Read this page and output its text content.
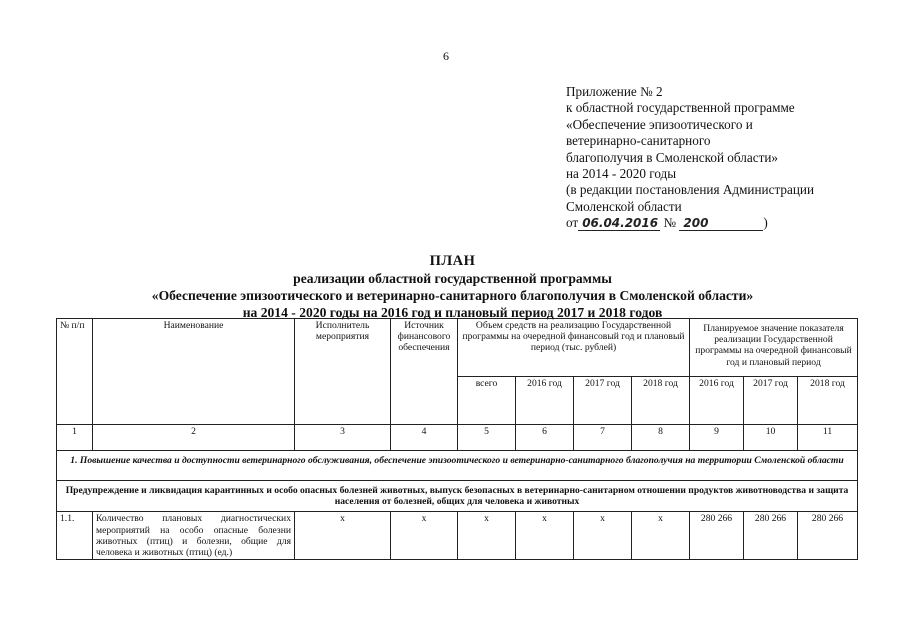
6
Приложение № 2
к областной государственной программе
«Обеспечение эпизоотического и
ветеринарно-санитарного
благополучия в Смоленской области»
на 2014 - 2020 годы
(в редакции постановления Администрации
Смоленской области
от 06.04.2016 № 200	)
ПЛАН
реализации областной государственной программы
«Обеспечение эпизоотического и ветеринарно-санитарного благополучия в Смоленской области»
на 2014 - 2020 годы на 2016 год и плановый период 2017 и 2018 годов
№ п/п	Наименование	Исполнитель мероприятия	Источник финансового обеспечения	Объем средств на реализацию Государственной программы на очередной финансовый год и плановый период (тыс. рублей)				Планируемое значение показателя реализации Государственной программы на очередной финансовый год и плановый период		
				всего	2016 год	2017 год	2018 год	2016 год	2017 год	2018 год
1	2	3	4	5	6	7	8	9	10	11
1. Повышение качества и доступности ветеринарного обслуживания, обеспечение эпизоотического и ветеринарно-санитарного благополучия на территории Смоленской области										
Предупреждение и ликвидация карантинных и особо опасных болезней животных, выпуск безопасных в ветеринарно-санитарном отношении продуктов животноводства и защита населения от болезней, общих для человека и животных										
1.1.	Количество плановых диагностических мероприятий на особо опасные болезни животных (птиц) и болезни, общие для человека и животных (птиц) (ед.)	x	x	x	x	x	x	280 266	280 266	280 266
